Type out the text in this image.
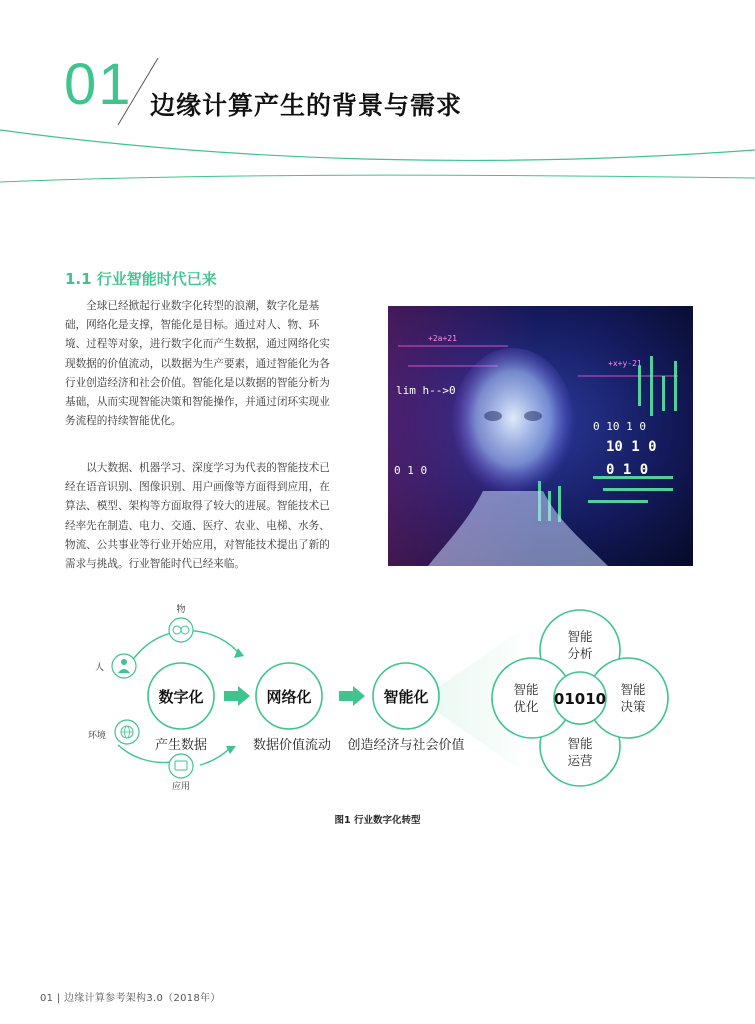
01 边缘计算产生的背景与需求
1.1 行业智能时代已来
　　全球已经掀起行业数字化转型的浪潮，数字化是基
础，网络化是支撑，智能化是目标。通过对人、物、环
境、过程等对象，进行数字化而产生数据，通过网络化实
现数据的价值流动，以数据为生产要素，通过智能化为各
行业创造经济和社会价值。智能化是以数据的智能分析为
基础，从而实现智能决策和智能操作，并通过闭环实现业
务流程的持续智能优化。
　　以大数据、机器学习、深度学习为代表的智能技术已
经在语音识别、图像识别、用户画像等方面得到应用，在
算法、模型、架构等方面取得了较大的进展。智能技术已
经率先在制造、电力、交通、医疗、农业、电梯、水务、
物流、公共事业等行业开始应用，对智能技术提出了新的
需求与挑战。行业智能时代已经来临。
lim h-->0
0 1 0
0 10 1 0
10 1 0
0 1 0
+x+y-21
+2a+21
物
人
环境
应用
数字化
产生数据
网络化
数据价值流动
智能化
创造经济与社会价值
智能
分析
智能
优化
智能
决策
智能
运营
01010
图1 行业数字化转型
01 | 边缘计算参考架构3.0（2018年）
